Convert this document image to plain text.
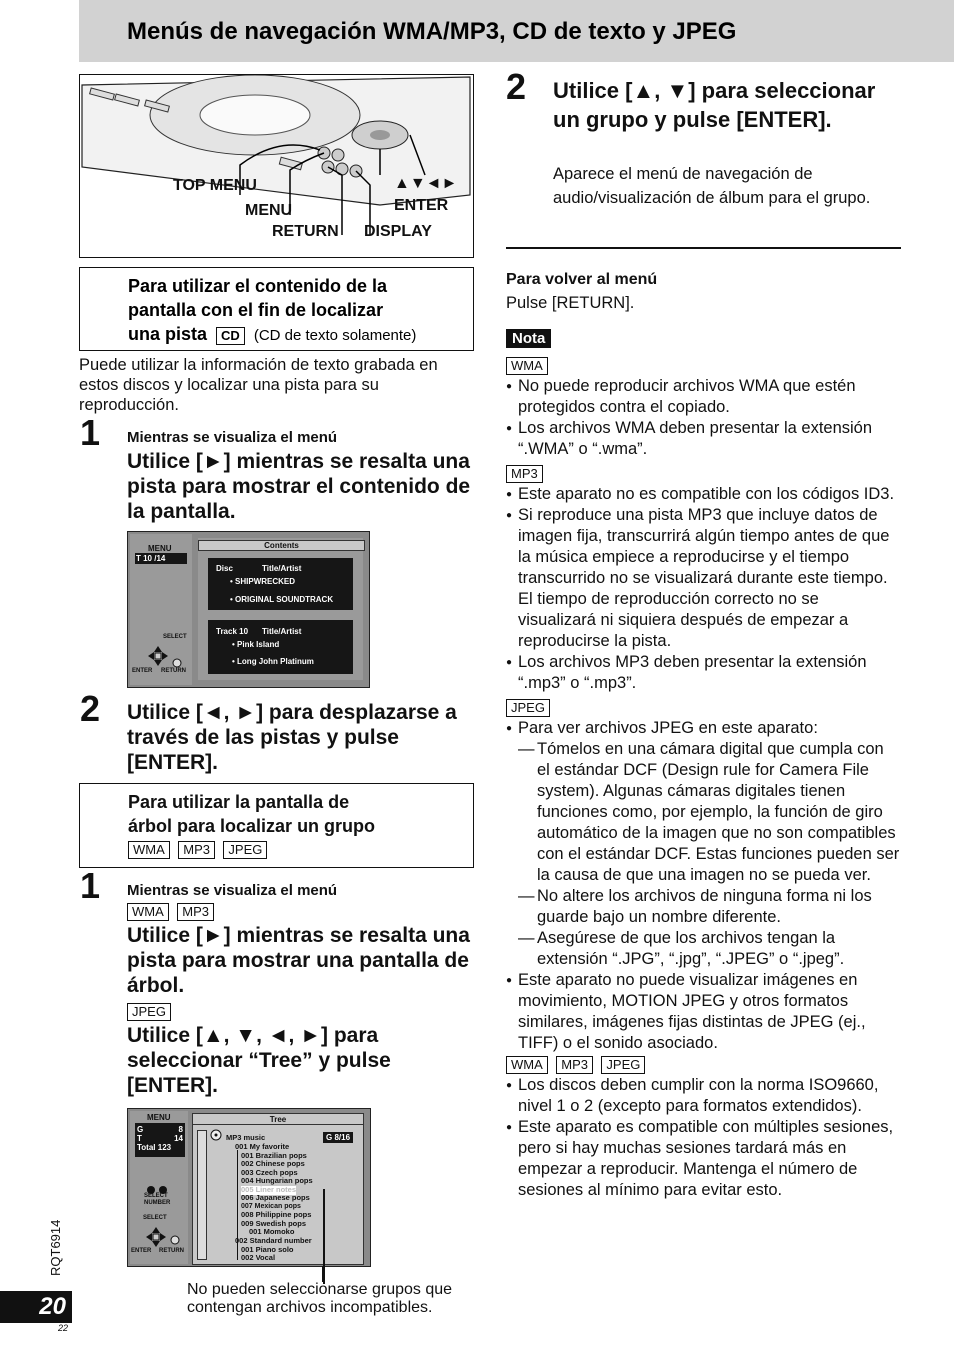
Menús de navegación WMA/MP3, CD de texto y JPEG
RQT6914
20
22
TOP MENU
MENU
RETURN
▲▼◄►
ENTER
DISPLAY
Para utilizar el contenido de la
pantalla con el fin de localizar
una pista CD (CD de texto solamente)
Puede utilizar la información de texto grabada en estos discos y localizar una pista para su reproducción.
1 Mientras se visualiza el menú
Utilice [►] mientras se resalta una pista para mostrar el contenido de la pantalla.
MENU
T 10 /14
SELECT
ENTER RETURN
Contents
Disc	Title/Artist
• SHIPWRECKED
• ORIGINAL SOUNDTRACK
Track 10 Title/Artist
• Pink Island
• Long John Platinum
2 Utilice [◄, ►] para desplazarse a través de las pistas y pulse [ENTER].
Para utilizar la pantalla de
árbol para localizar un grupo
WMA MP3 JPEG
1 Mientras se visualiza el menú
WMA MP3
Utilice [►] mientras se resalta una pista para mostrar una pantalla de árbol.
JPEG
Utilice [▲, ▼, ◄, ►] para seleccionar “Tree” y pulse [ENTER].
MENU
G	8
T	14
Total 123
SELECT NUMBER
SELECT
ENTER RETURN
Tree
MP3 music	G 8/16
001 My favorite
001 Brazilian pops
002 Chinese pops
003 Czech pops
004 Hungarian pops
005 Liner notes
006 Japanese pops
007 Mexican pops
008 Philippine pops
009 Swedish pops
001 Momoko
002 Standard number
001 Piano solo
002 Vocal
No pueden seleccionarse grupos que contengan archivos incompatibles.
2 Utilice [▲, ▼] para seleccionar un grupo y pulse [ENTER].
Aparece el menú de navegación de audio/visualización de álbum para el grupo.
Para volver al menú
Pulse [RETURN].
Nota
WMA
● No puede reproducir archivos WMA que estén protegidos contra el copiado.
● Los archivos WMA deben presentar la extensión “.WMA” o “.wma”.
MP3
● Este aparato no es compatible con los códigos ID3.
● Si reproduce una pista MP3 que incluye datos de imagen fija, transcurrirá algún tiempo antes de que la música empiece a reproducirse y el tiempo transcurrido no se visualizará durante este tiempo. El tiempo de reproducción correcto no se visualizará ni siquiera después de empezar a reproducirse la pista.
● Los archivos MP3 deben presentar la extensión “.mp3” o “.mp3”.
JPEG
● Para ver archivos JPEG en este aparato:
— Tómelos en una cámara digital que cumpla con el estándar DCF (Design rule for Camera File system). Algunas cámaras digitales tienen funciones como, por ejemplo, la función de giro automático de la imagen que no son compatibles con el estándar DCF. Estas funciones pueden ser la causa de que una imagen no se pueda ver.
— No altere los archivos de ninguna forma ni los guarde bajo un nombre diferente.
— Asegúrese de que los archivos tengan la extensión “.JPG”, “.jpg”, “.JPEG” o “.jpeg”.
● Este aparato no puede visualizar imágenes en movimiento, MOTION JPEG y otros formatos similares, imágenes fijas distintas de JPEG (ej., TIFF) o el sonido asociado.
WMA MP3 JPEG
● Los discos deben cumplir con la norma ISO9660, nivel 1 o 2 (excepto para formatos extendidos).
● Este aparato es compatible con múltiples sesiones, pero si hay muchas sesiones tardará más en empezar a reproducir. Mantenga el número de sesiones al mínimo para evitar esto.
